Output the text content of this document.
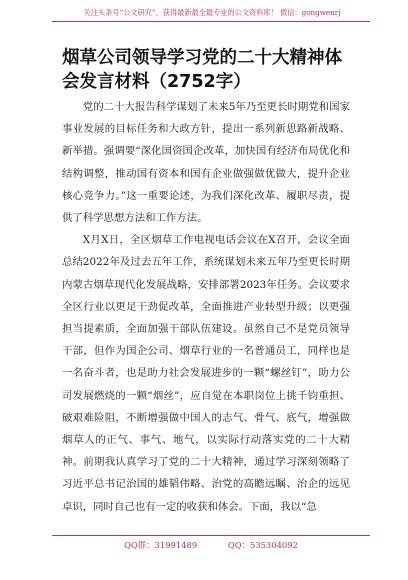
关注头条号“公文研究”，获得最新最全最专业的公文资料库！ 微信：gongwenrj
烟草公司领导学习党的二十大精神体会发言材料（2752字）

党的二十大报告科学谋划了未来5年乃至更长时期党和国家事业发展的目标任务和大政方针，提出一系列新思路新战略、新举措。强调要“深化国资国企改革，加快国有经济布局优化和结构调整，推动国有资本和国有企业做强做优做大，提升企业核心竞争力。”这一重要论述，为我们深化改革、履职尽责，提供了科学思想方法和工作方法。

X月X日，全区烟草工作电视电话会议在X召开，会议全面总结2022年及过去五年工作，系统谋划未来五年乃至更长时期内蒙古烟草现代化发展战略，安排部署2023年任务。会议要求全区行业以更足干劲促改革，全面推进产业转型升级；以更强担当提素质，全面加强干部队伍建设。虽然自己不是党员领导干部，但作为国企公司、烟草行业的一名普通员工，同样也是一名奋斗者，也是助力社会发展进步的一颗“螺丝钉”，助力公司发展燃烧的一颗“烟丝”，应自觉在本职岗位上挑千钧重担、破艰难险阻，不断增强做中国人的志气、骨气、底气，增强做烟草人的正气、事气、地气，以实际行动落实党的二十大精神。前期我认真学习了党的二十大精神，通过学习深刻领略了习近平总书记治国的雄韬伟略、治党的高瞻远瞩、治企的远见卓识，同时自己也有一定的收获和体会。下面，我以“急

QQ群：31991489	QQ：535304092
